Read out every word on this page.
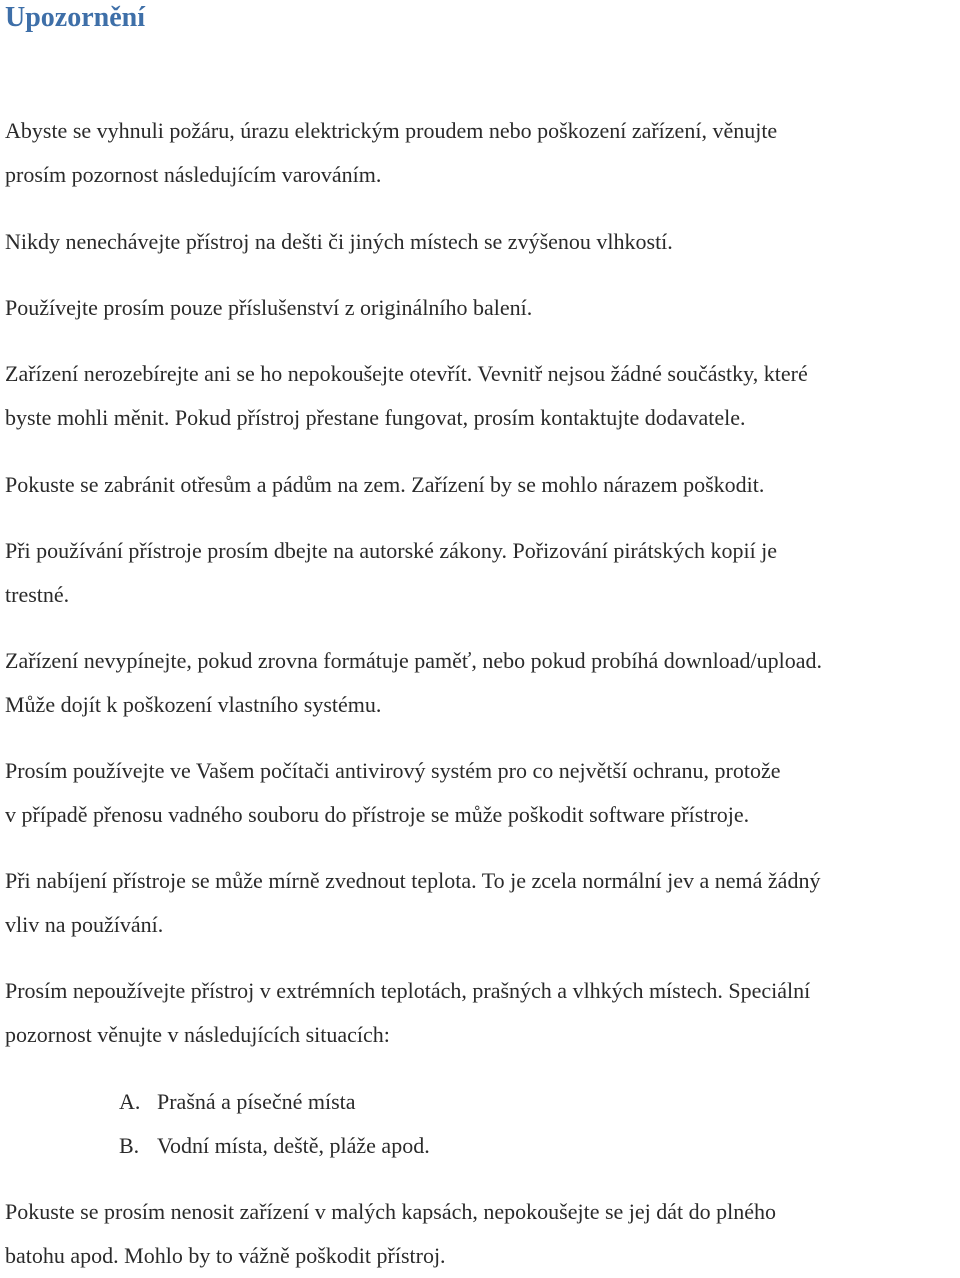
Upozornění

Abyste se vyhnuli požáru, úrazu elektrickým proudem nebo poškození zařízení, věnujte
prosím pozornost následujícím varováním.

Nikdy nenechávejte přístroj na dešti či jiných místech se zvýšenou vlhkostí.

Používejte prosím pouze příslušenství z originálního balení.

Zařízení nerozebírejte ani se ho nepokoušejte otevřít. Vevnitř nejsou žádné součástky, které
byste mohli měnit. Pokud přístroj přestane fungovat, prosím kontaktujte dodavatele.

Pokuste se zabránit otřesům a pádům na zem. Zařízení by se mohlo nárazem poškodit.

Při používání přístroje prosím dbejte na autorské zákony. Pořizování pirátských kopií je
trestné.

Zařízení nevypínejte, pokud zrovna formátuje paměť, nebo pokud probíhá download/upload.
Může dojít k poškození vlastního systému.

Prosím používejte ve Vašem počítači antivirový systém pro co největší ochranu, protože
v případě přenosu vadného souboru do přístroje se může poškodit software přístroje.

Při nabíjení přístroje se může mírně zvednout teplota. To je zcela normální jev a nemá žádný
vliv na používání.

Prosím nepoužívejte přístroj v extrémních teplotách, prašných a vlhkých místech. Speciální
pozornost věnujte v následujících situacích:

A. Prašná a písečné místa

B. Vodní místa, deště, pláže apod.

Pokuste se prosím nenosit zařízení v malých kapsách, nepokoušejte se jej dát do plného
batohu apod. Mohlo by to vážně poškodit přístroj.
